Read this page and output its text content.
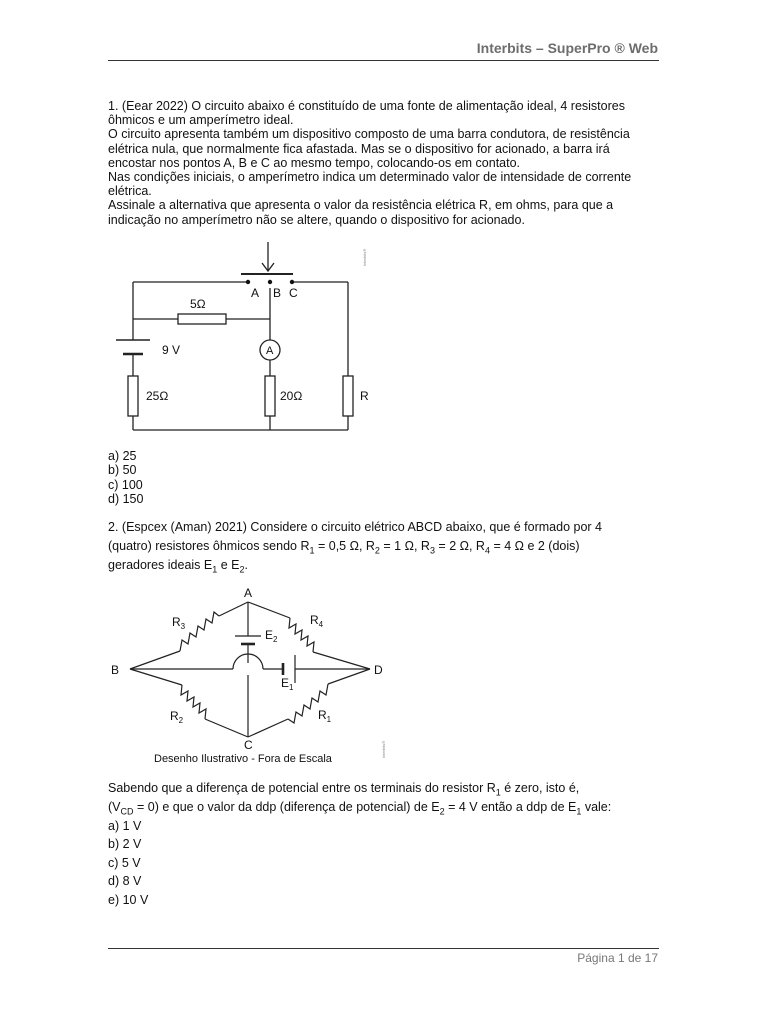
Interbits – SuperPro ® Web
1. (Eear 2022) O circuito abaixo é constituído de uma fonte de alimentação ideal, 4 resistores
ôhmicos e um amperímetro ideal.
O circuito apresenta também um dispositivo composto de uma barra condutora, de resistência
elétrica nula, que normalmente fica afastada. Mas se o dispositivo for acionado, a barra irá
encostar nos pontos A, B e C ao mesmo tempo, colocando-os em contato.
Nas condições iniciais, o amperímetro indica um determinado valor de intensidade de corrente
elétrica.
Assinale a alternativa que apresenta o valor da resistência elétrica R, em ohms, para que a
indicação no amperímetro não se altere, quando o dispositivo for acionado.
A B C
5Ω
9 V	A
25Ω	20Ω	R
Interbits®
a) 25
b) 50
c) 100
d) 150
2. (Espcex (Aman) 2021) Considere o circuito elétrico ABCD abaixo, que é formado por 4
(quatro) resistores ôhmicos sendo $R_1 = 0,5$ Ω, $R_2 = 1$ Ω, $R_3 = 2$ Ω, $R_4 = 4$ Ω e 2 (dois)
geradores ideais $E_1$ e $E_2$.
A
B
C
D
$R_3$	$R_4$
$R_2$	$R_1$
$E_2$
$E_1$
Desenho Ilustrativo - Fora de Escala
Interbits®
Sabendo que a diferença de potencial entre os terminais do resistor $R_1$ é zero, isto é,
$(V_{CD} = 0)$ e que o valor da ddp (diferença de potencial) de $E_2 = 4$ V então a ddp de $E_1$ vale:
a) 1 V
b) 2 V
c) 5 V
d) 8 V
e) 10 V
Página 1 de 17
